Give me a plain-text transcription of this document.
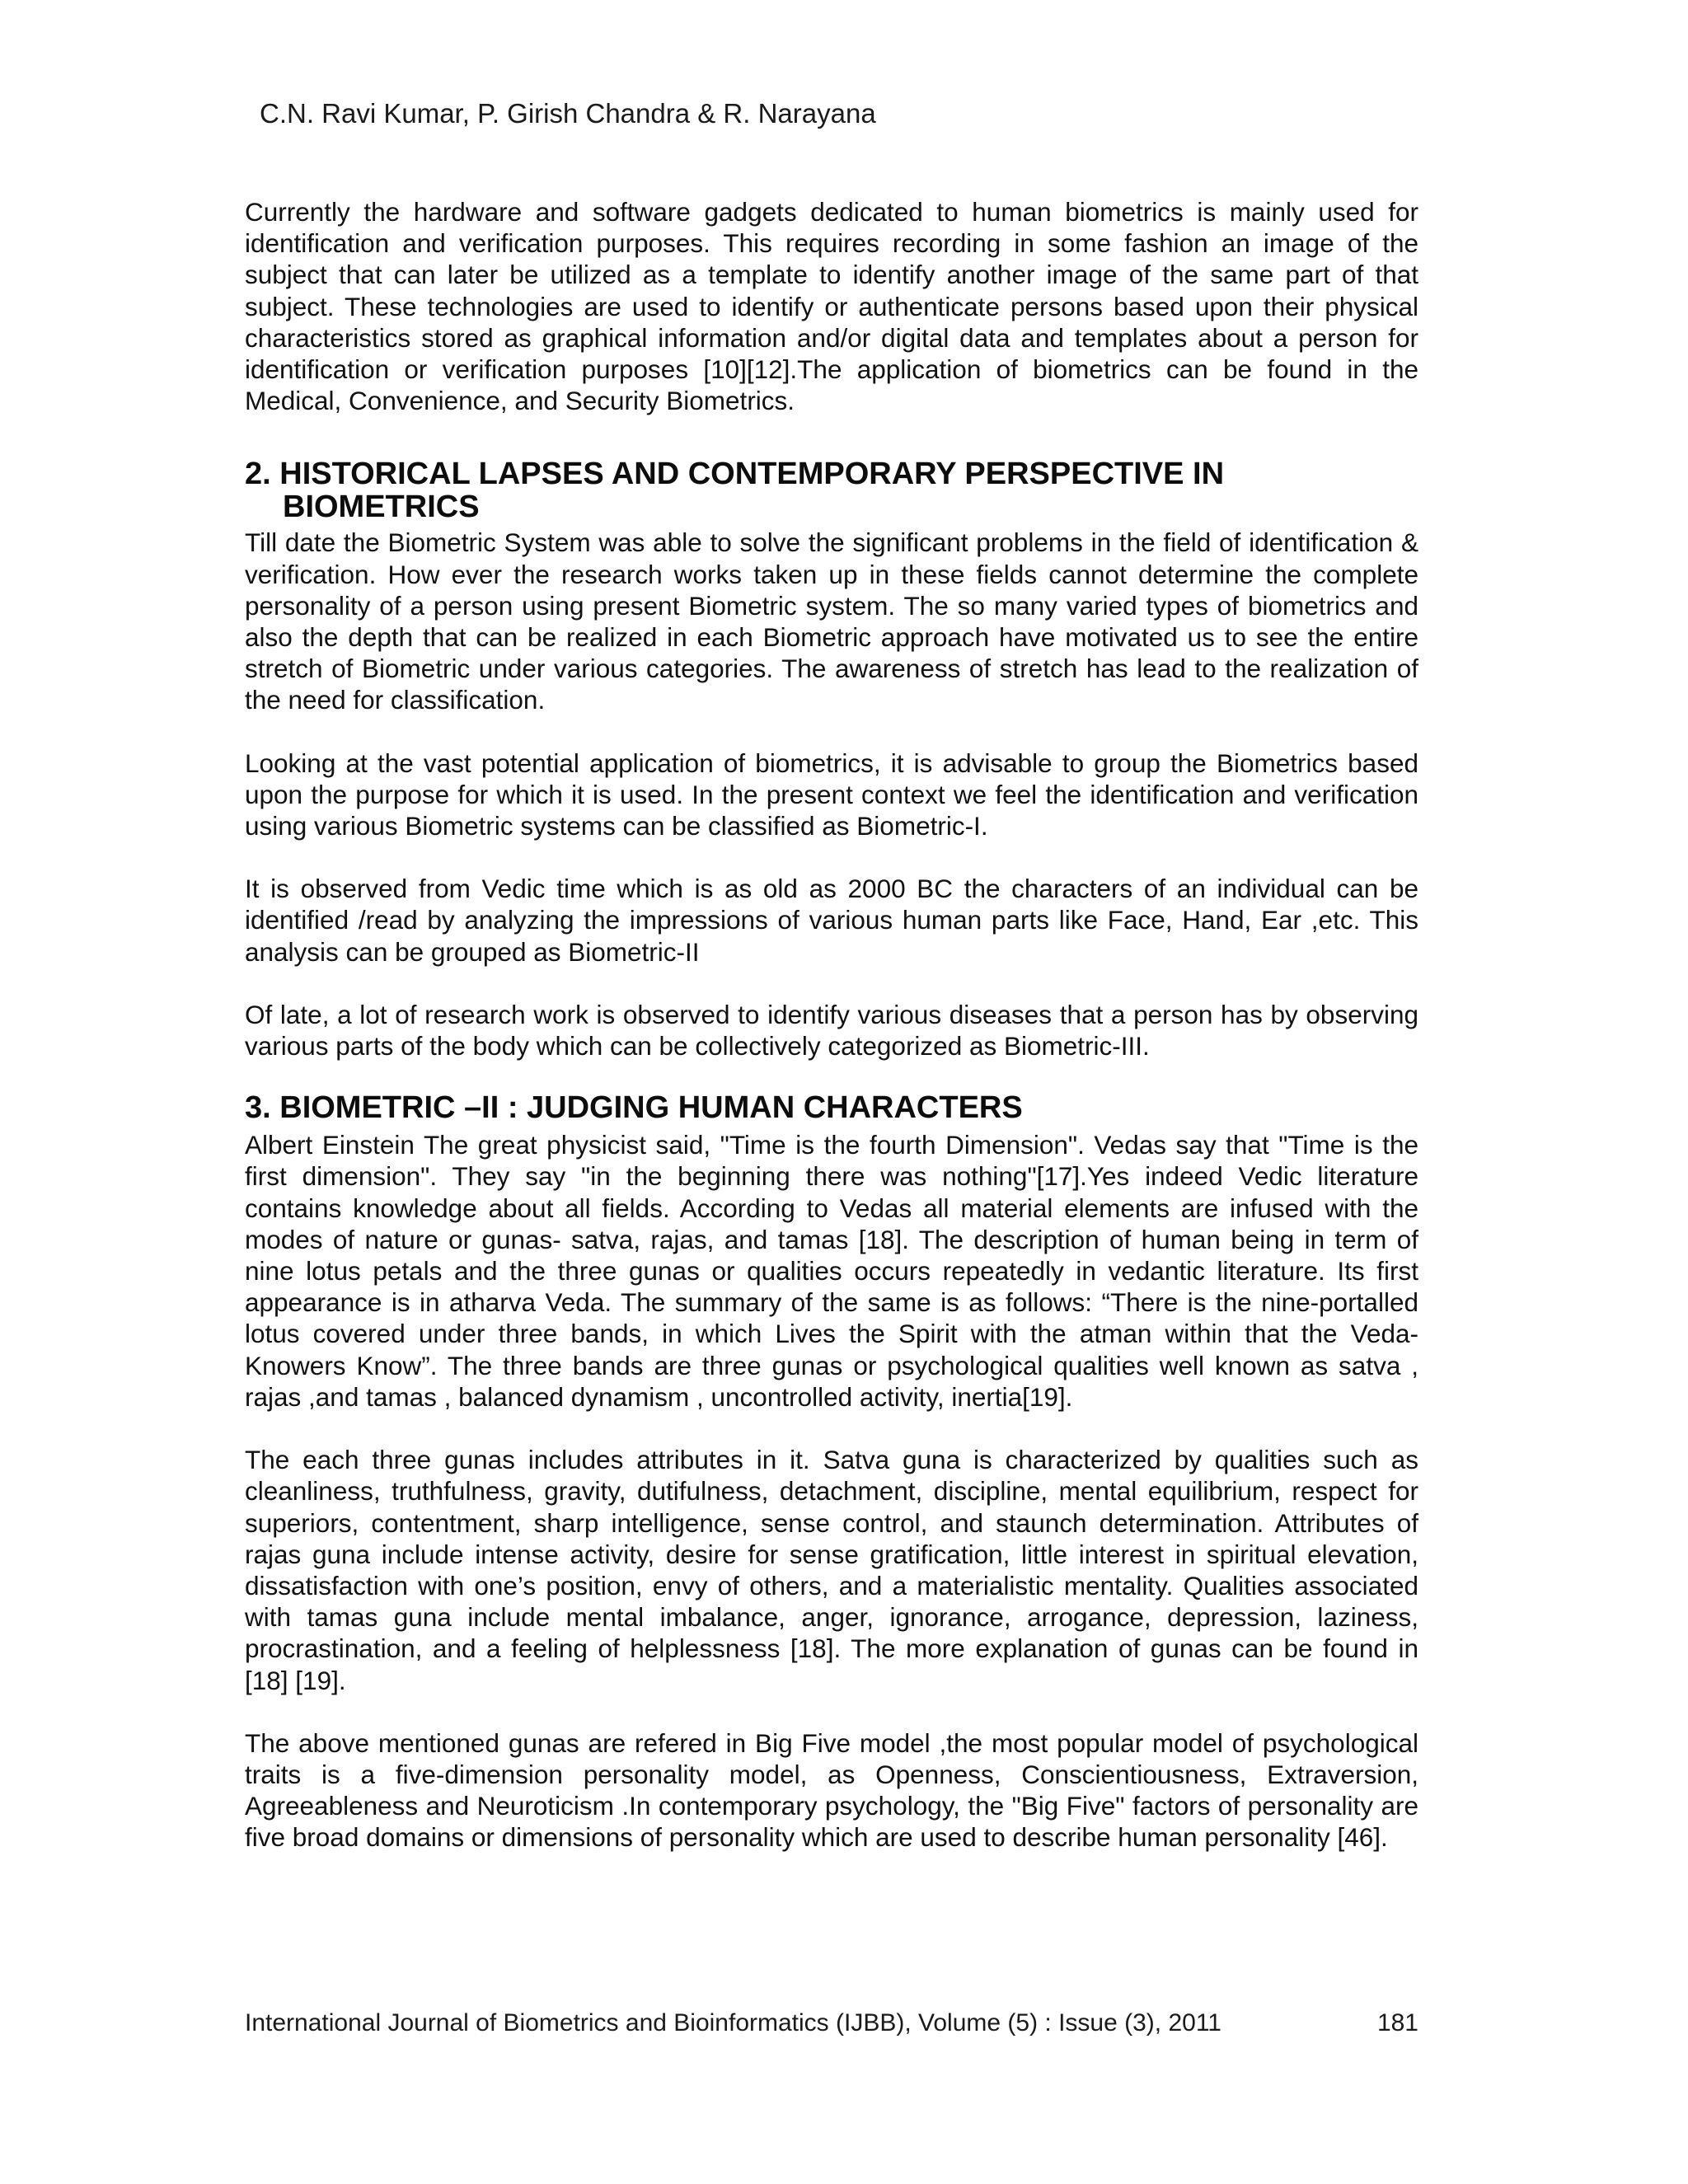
C.N. Ravi Kumar, P. Girish Chandra & R. Narayana

Currently the hardware and software gadgets dedicated to human biometrics is mainly used for identification and verification purposes. This requires recording in some fashion an image of the subject that can later be utilized as a template to identify another image of the same part of that subject. These technologies are used to identify or authenticate persons based upon their physical characteristics stored as graphical information and/or digital data and templates about a person for identification or verification purposes [10][12].The application of biometrics can be found in the Medical, Convenience, and Security Biometrics.

2. HISTORICAL LAPSES AND CONTEMPORARY PERSPECTIVE IN
BIOMETRICS

Till date the Biometric System was able to solve the significant problems in the field of identification & verification. How ever the research works taken up in these fields cannot determine the complete personality of a person using present Biometric system. The so many varied types of biometrics and also the depth that can be realized in each Biometric approach have motivated us to see the entire stretch of Biometric under various categories. The awareness of stretch has lead to the realization of the need for classification.

Looking at the vast potential application of biometrics, it is advisable to group the Biometrics based upon the purpose for which it is used. In the present context we feel the identification and verification using various Biometric systems can be classified as Biometric-I.

It is observed from Vedic time which is as old as 2000 BC the characters of an individual can be identified /read by analyzing the impressions of various human parts like Face, Hand, Ear ,etc. This analysis can be grouped as Biometric-II

Of late, a lot of research work is observed to identify various diseases that a person has by observing various parts of the body which can be collectively categorized as Biometric-III.

3. BIOMETRIC –II : JUDGING HUMAN CHARACTERS

Albert Einstein The great physicist said, "Time is the fourth Dimension". Vedas say that "Time is the first dimension". They say "in the beginning there was nothing"[17].Yes indeed Vedic literature contains knowledge about all fields. According to Vedas all material elements are infused with the modes of nature or gunas- satva, rajas, and tamas [18]. The description of human being in term of nine lotus petals and the three gunas or qualities occurs repeatedly in vedantic literature. Its first appearance is in atharva Veda. The summary of the same is as follows: “There is the nine-portalled lotus covered under three bands, in which Lives the Spirit with the atman within that the Veda-Knowers Know”. The three bands are three gunas or psychological qualities well known as satva , rajas ,and tamas , balanced dynamism , uncontrolled activity, inertia[19].

The each three gunas includes attributes in it. Satva guna is characterized by qualities such as cleanliness, truthfulness, gravity, dutifulness, detachment, discipline, mental equilibrium, respect for superiors, contentment, sharp intelligence, sense control, and staunch determination. Attributes of rajas guna include intense activity, desire for sense gratification, little interest in spiritual elevation, dissatisfaction with one’s position, envy of others, and a materialistic mentality. Qualities associated with tamas guna include mental imbalance, anger, ignorance, arrogance, depression, laziness, procrastination, and a feeling of helplessness [18]. The more explanation of gunas can be found in [18] [19].

The above mentioned gunas are refered in Big Five model ,the most popular model of psychological traits is a five-dimension personality model, as Openness, Conscientiousness, Extraversion, Agreeableness and Neuroticism .In contemporary psychology, the "Big Five" factors of personality are five broad domains or dimensions of personality which are used to describe human personality [46].

International Journal of Biometrics and Bioinformatics (IJBB), Volume (5) : Issue (3), 2011	181
